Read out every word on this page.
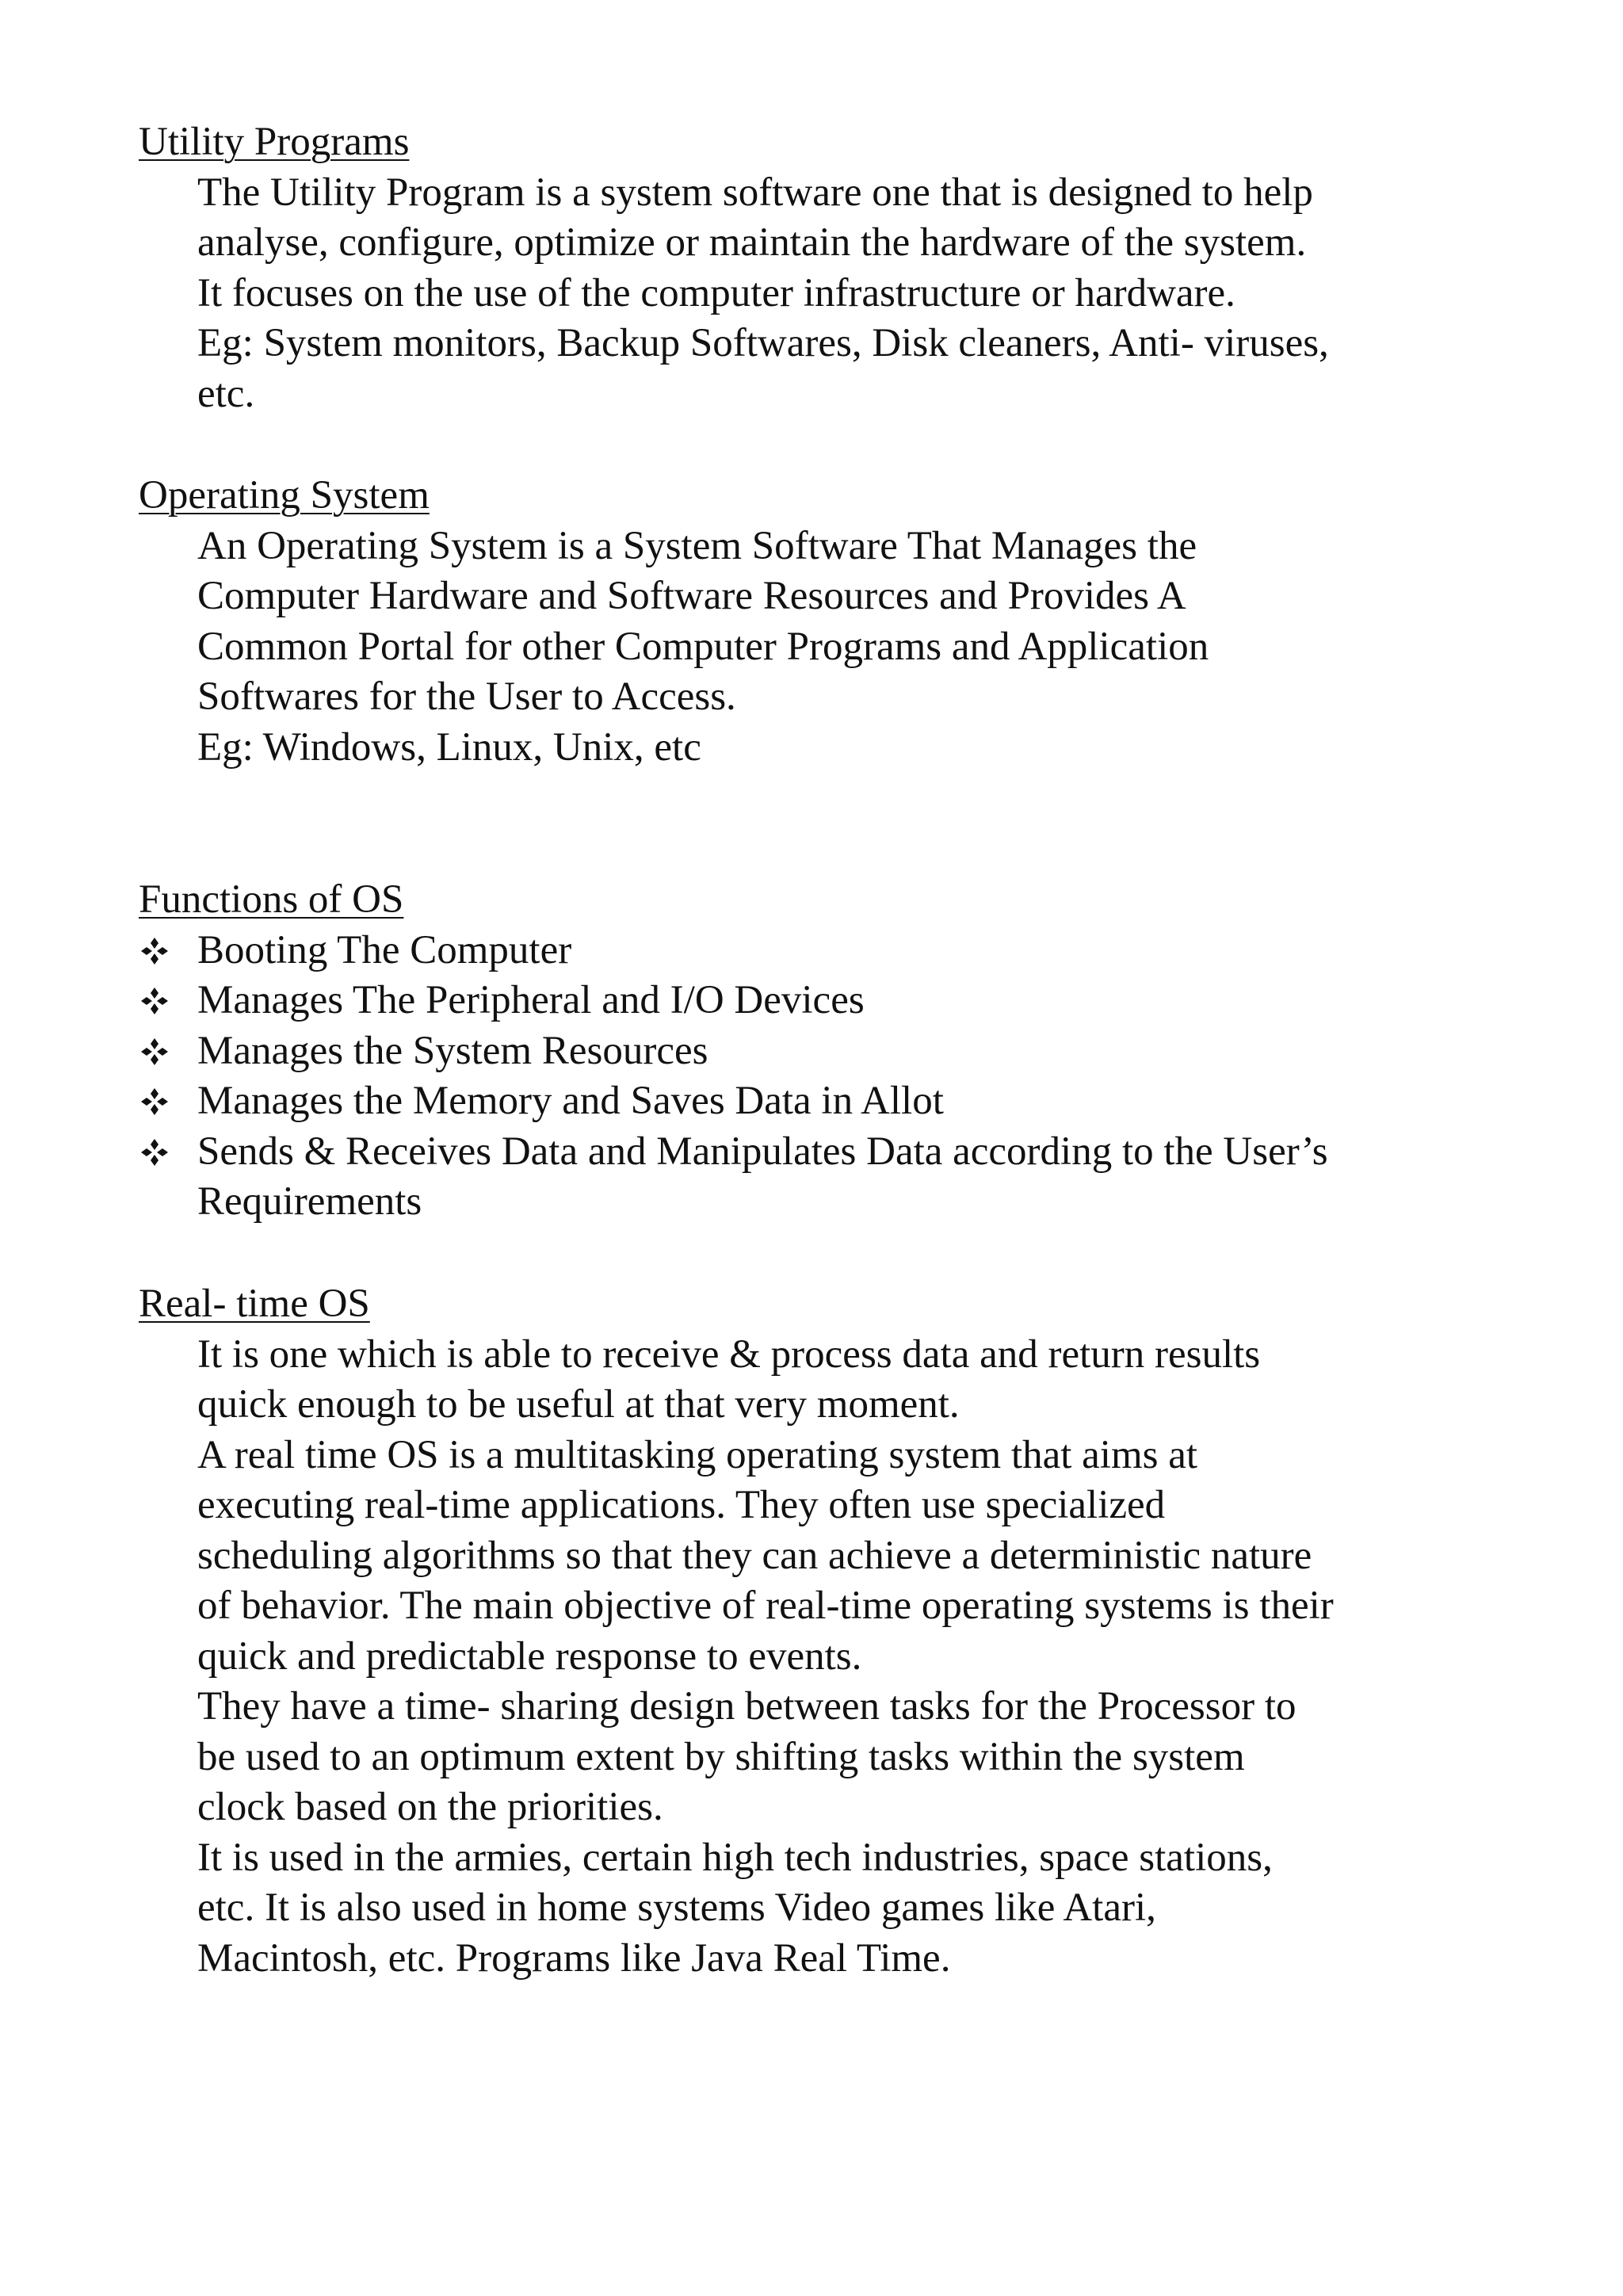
Utility Programs
The Utility Program is a system software one that is designed to help
analyse, configure, optimize or maintain the hardware of the system.
It focuses on the use of the computer infrastructure or hardware.
Eg: System monitors, Backup Softwares, Disk cleaners, Anti- viruses,
etc.
Operating System
An Operating System is a System Software That Manages the
Computer Hardware and Software Resources and Provides A
Common Portal for other Computer Programs and Application
Softwares for the User to Access.
Eg: Windows, Linux, Unix, etc
Functions of OS
Booting The Computer
Manages The Peripheral and I/O Devices
Manages the System Resources
Manages the Memory and Saves Data in Allot
Sends & Receives Data and Manipulates Data according to the User’s
Requirements
Real- time OS
It is one which is able to receive & process data and return results
quick enough to be useful at that very moment.
A real time OS is a multitasking operating system that aims at
executing real-time applications. They often use specialized
scheduling algorithms so that they can achieve a deterministic nature
of behavior. The main objective of real-time operating systems is their
quick and predictable response to events.
They have a time- sharing design between tasks for the Processor to
be used to an optimum extent by shifting tasks within the system
clock based on the priorities.
It is used in the armies, certain high tech industries, space stations,
etc. It is also used in home systems Video games like Atari,
Macintosh, etc. Programs like Java Real Time.
